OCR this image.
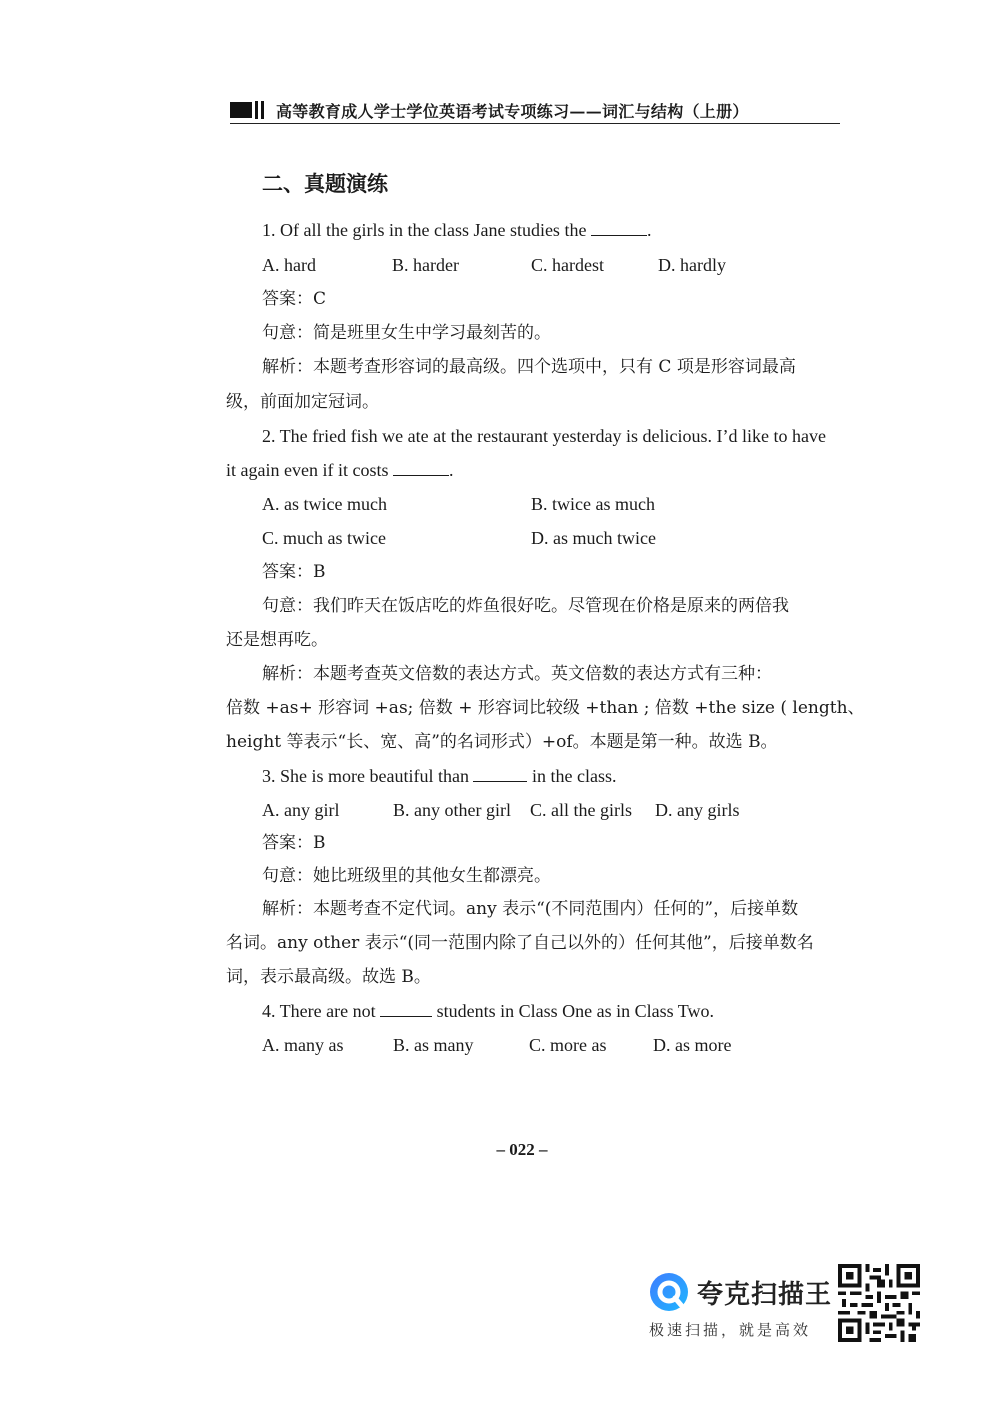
高等教育成人学士学位英语考试专项练习——词汇与结构（上册）
二、真题演练
1. Of all the girls in the class Jane studies the	.
A. hard	B. harder	C. hardest	D. hardly
答案：C
句意：简是班里女生中学习最刻苦的。
解析：本题考查形容词的最高级。四个选项中，只有 C 项是形容词最高
级，前面加定冠词。
2. The fried fish we ate at the restaurant yesterday is delicious. I’d like to have
it again even if it costs	.
A. as twice much	B. twice as much
C. much as twice	D. as much twice
答案：B
句意：我们昨天在饭店吃的炸鱼很好吃。尽管现在价格是原来的两倍我
还是想再吃。
解析：本题考查英文倍数的表达方式。英文倍数的表达方式有三种：
倍数 +as+ 形容词 +as; 倍数 + 形容词比较级 +than ; 倍数 +the size ( length、
height 等表示“长、宽、高”的名词形式）+of。本题是第一种。故选 B。
3. She is more beautiful than	in the class.
A. any girl	B. any other girl C. all the girls D. any girls
答案：B
句意：她比班级里的其他女生都漂亮。
解析：本题考查不定代词。any 表示“(不同范围内）任何的”，后接单数
名词。any other 表示“(同一范围内除了自己以外的）任何其他”，后接单数名
词，表示最高级。故选 B。
4. There are not	students in Class One as in Class Two.
A. many as	B. as many	C. more as	D. as more
– 022 –
夸克扫描王
极速扫描，就是高效
